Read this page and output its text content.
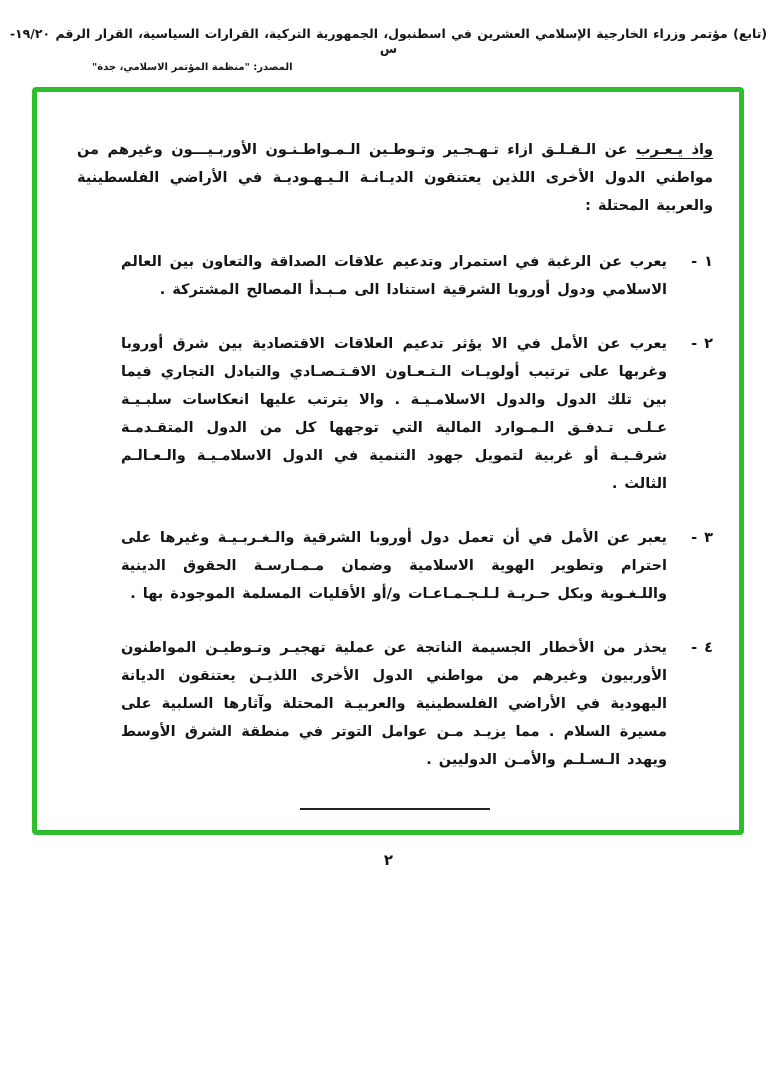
(تابع) مؤتمر وزراء الخارجية الإسلامي العشرين في اسطنبول، الجمهورية التركية، القرارات السياسية، القرار الرقم ١٩/٢٠-س
المصدر: "منظمة المؤتمر الاسلامي، جدة"

واذ يـعـرب عن الـقـلـق ازاء تـهـجـير وتـوطـين الـمـواطـنـون الأوربـيـــون وغيرهم من مواطني الدول الأخرى اللذين يعتنقون الديـانـة الـيـهـوديـة في الأراضي الفلسطينية والعربية المحتلة :

١ -
يعرب عن الرغبة في استمرار وتدعيم علاقات الصداقة والتعاون بين العالم الاسلامي ودول أوروبا الشرقية استنادا الى مـبـدأ المصالح المشتركة .
٢ -
يعرب عن الأمل في الا يؤثر تدعيم العلاقات الاقتصادية بين شرق أوروبا وغربها على ترتيب أولويـات الـتـعـاون الاقـتـصـادي والتبادل التجاري فيما بين تلك الدول والدول الاسلامـيـة . والا يترتب عليها انعكاسات سلبـيـة عـلـى تـدفـق الـمـوارد المالية التي توجهها كل من الدول المتقـدمـة شرقـيـة أو غربية لتمويل جهود التنمية في الدول الاسلامـيـة والـعـالـم الثالث .
٣ -
يعبر عن الأمل في أن تعمل دول أوروبا الشرقية والـغـربـيـة وغيرها على احترام وتطوير الهوية الاسلامية وضمان مـمـارسـة الحقوق الدينية واللـغـوية وبكل حـريـة لـلـجـمـاعـات و/أو الأقليات المسلمة الموجودة بها .
٤ -
يحذر من الأخطار الجسيمة الناتجة عن عملية تهجيـر وتـوطيـن المواطنون الأوربيون وغيرهم من مواطني الدول الأخرى اللذيـن يعتنقون الديانة اليهودية في الأراضي الفلسطينية والعربيـة المحتلة وآثارها السلبية على مسيرة السلام . مما يزيـد مـن عوامل التوتر في منطقة الشرق الأوسط ويهدد الـسـلـم والأمـن الدوليين .
٢
